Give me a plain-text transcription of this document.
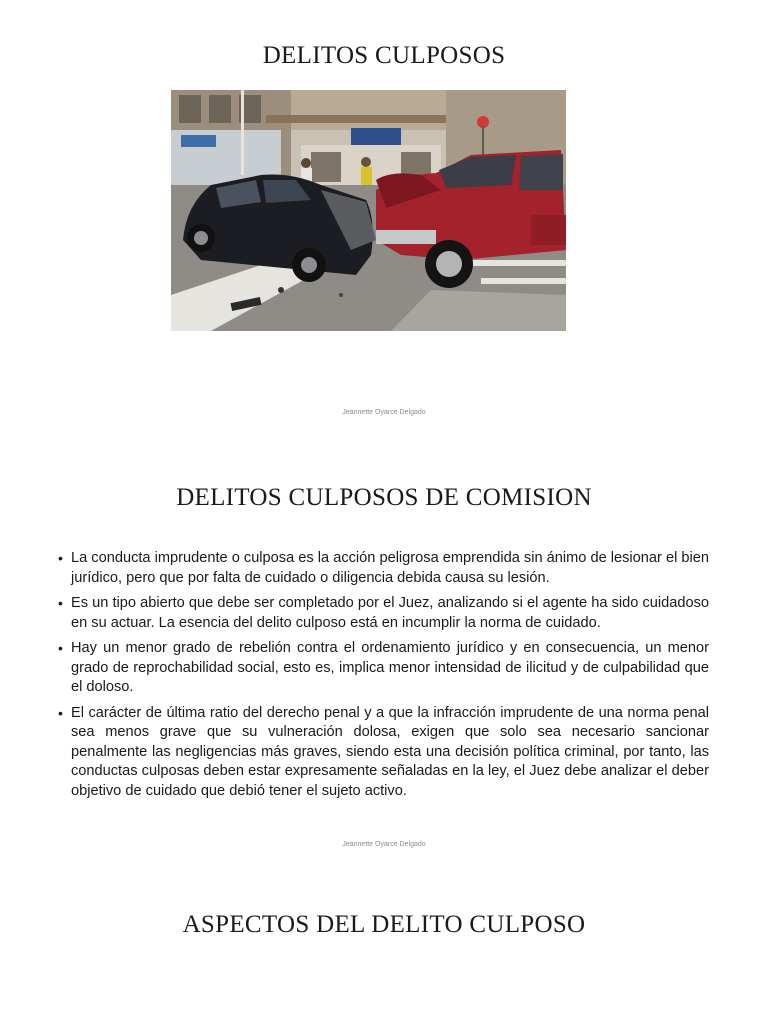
DELITOS CULPOSOS
Jeannette Oyarce Delgado
DELITOS CULPOSOS DE COMISION
• La conducta imprudente o culposa es la acción peligrosa emprendida sin ánimo de lesionar el bien jurídico, pero que por falta de cuidado o diligencia debida causa su lesión.
• Es un tipo abierto que debe ser completado por el Juez, analizando si el agente ha sido cuidadoso en su actuar. La esencia del delito culposo está en incumplir la norma de cuidado.
• Hay un menor grado de rebelión contra el ordenamiento jurídico y en consecuencia, un menor grado de reprochabilidad social, esto es, implica menor intensidad de ilicitud y de culpabilidad que el doloso.
• El carácter de última ratio del derecho penal y a que la infracción imprudente de una norma penal sea menos grave que su vulneración dolosa, exigen que solo sea necesario sancionar penalmente las negligencias más graves, siendo esta una decisión política criminal, por tanto, las conductas culposas deben estar expresamente señaladas en la ley, el Juez debe analizar el deber objetivo de cuidado que debió tener el sujeto activo.
Jeannette Oyarce Delgado
ASPECTOS DEL DELITO CULPOSO
